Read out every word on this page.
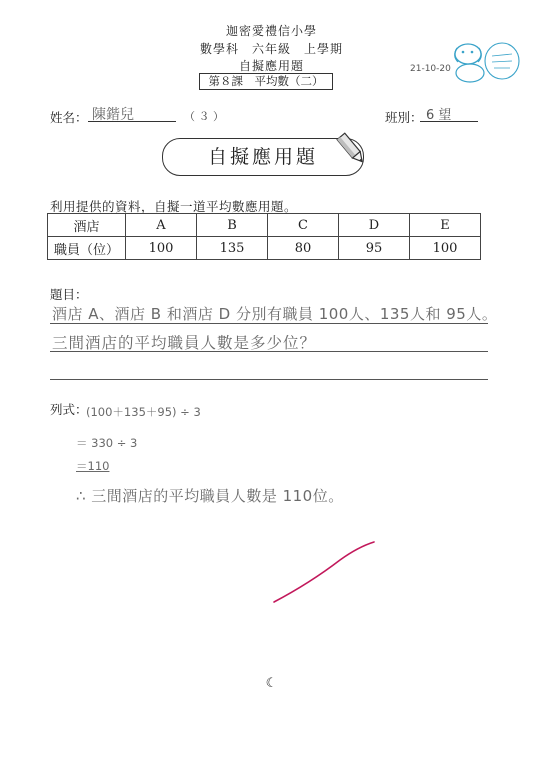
迦密愛禮信小學
數學科　六年級　上學期
自擬應用題
第８課　平均數（二）
21-10-20
姓名： 陳鍇兒	（ ３ ）	班別： 6 望
自擬應用題
利用提供的資料，自擬一道平均數應用題。
酒店	A	B	C	D	E
職員（位）	100	135	80	95	100
題目：
酒店 A、酒店 B 和酒店 D 分別有職員 100人、135人和 95人。
三間酒店的平均職員人數是多少位？
列式：
(100＋135＋95) ÷ 3
＝ 330 ÷ 3
＝110
∴ 三間酒店的平均職員人數是 110位。
☾
